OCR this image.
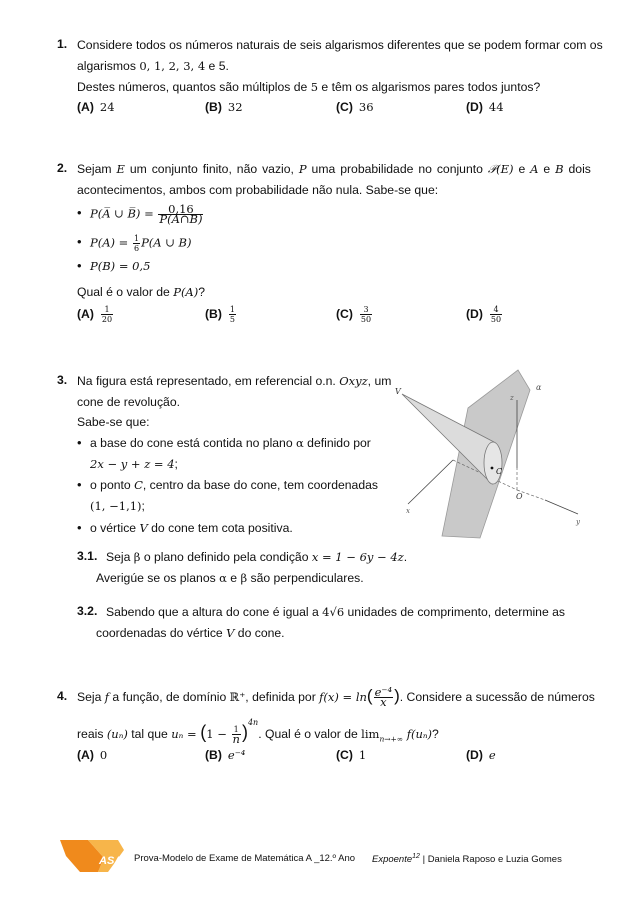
1. Considere todos os números naturais de seis algarismos diferentes que se podem formar com os
algarismos 0, 1, 2, 3, 4 e 5.
Destes números, quantos são múltiplos de 5 e têm os algarismos pares todos juntos?
(A) 24	(B) 32	(C) 36	(D) 44
2. Sejam E um conjunto finito, não vazio, P uma probabilidade no conjunto 𝒫(E) e A e B dois
acontecimentos, ambos com probabilidade não nula. Sabe-se que:
• P(A̅ ∪ B̅) = $\frac{0,16}{P(A\cap B)}$
• $P(A) = \frac{1}{6} P(A$ ∪ B)
• P(B) = 0,5
Qual é o valor de P(A)?
$(A) \frac{1}{20}$	$(B) \frac{1}{5}$	$(C) \frac{3}{50}$	$(D) \frac{4}{50}$
3. Na figura está representado, em referencial o.n. Oxyz, um
cone de revolução.
Sabe-se que:
• a base do cone está contida no plano α definido por
2x − y + z = 4;
• o ponto C, centro da base do cone, tem coordenadas
(1, −1,1);
• o vértice V do cone tem cota positiva.
3.1. Seja β o plano definido pela condição x = 1 − 6y − 4z.
Averigúe se os planos α e β são perpendiculares.
3.2. Sabendo que a altura do cone é igual a 4√6 unidades de comprimento, determine as
coordenadas do vértice V do cone.
V
C
O
x
y
z
α
4. Seja f a função, de domínio ℝ⁺, definida por $f(x) = \ln( \frac{\text{e⁻⁴}}{x}$ ). Considere a sucessão de números
reais (uₙ) tal que $u_n = (1 - \frac{1}{n} )^{4n}$. Qual é o valor de $\lim_{n\to+\infty} f(u_n)$?
(A) 0	(B) e⁻⁴	(C) 1	(D) e
ASA Prova-Modelo de Exame de Matemática A _12.º Ano Expoente$^{12}$ | Daniela Raposo e Luzia Gomes
